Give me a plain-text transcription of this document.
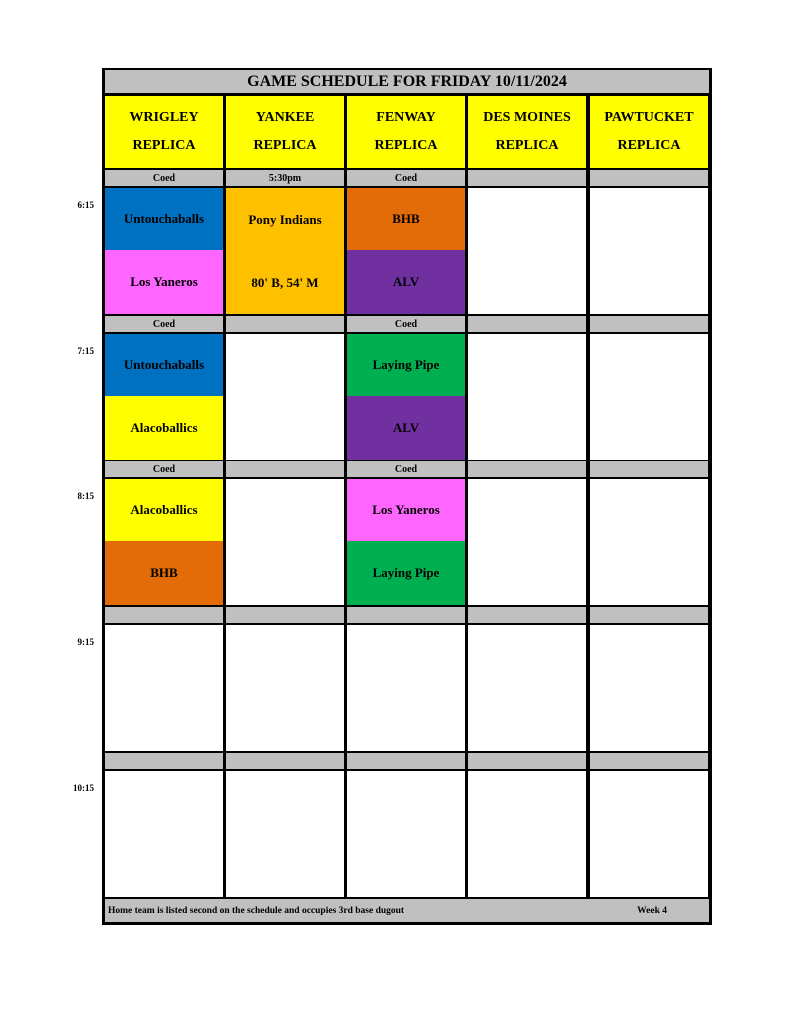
GAME SCHEDULE FOR FRIDAY 10/11/2024
WRIGLEY
REPLICA
YANKEE
REPLICA
FENWAY
REPLICA
DES MOINES
REPLICA
PAWTUCKET
REPLICA
Coed
Untouchaballs
Los Yaneros
5:30pm
Pony Indians
80' B, 54' M
Coed
BHB
ALV
Coed
Untouchaballs
Alacoballics
Coed
Laying Pipe
ALV
Coed
Alacoballics
BHB
Coed
Los Yaneros
Laying Pipe
Home team is listed second on the schedule and occupies 3rd base dugout	Week 4
6:15
7:15
8:15
9:15
10:15
